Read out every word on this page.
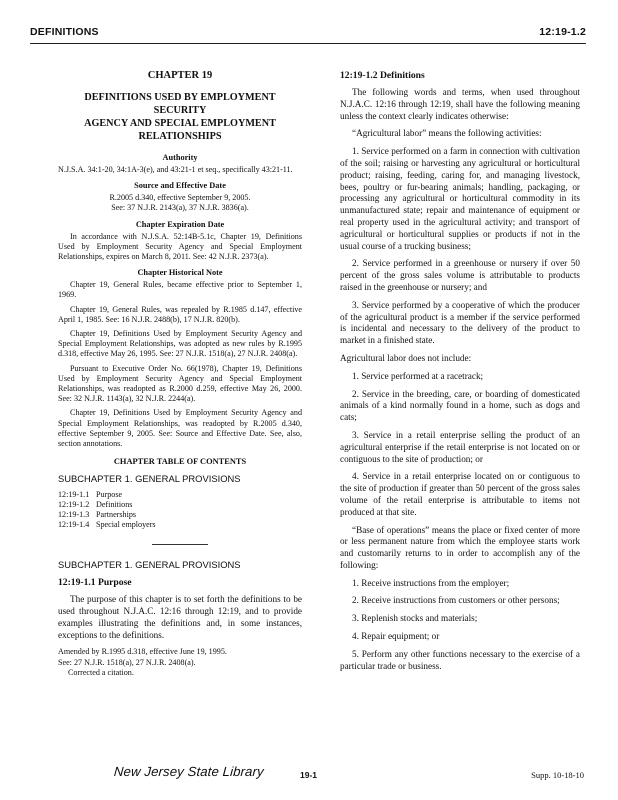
DEFINITIONS	12:19-1.2
CHAPTER 19
DEFINITIONS USED BY EMPLOYMENT SECURITY
AGENCY AND SPECIAL EMPLOYMENT
RELATIONSHIPS
Authority

N.J.S.A. 34:1-20, 34:1A-3(e), and 43:21-1 et seq., specifically 43:21-11.

Source and Effective Date

R.2005 d.340, effective September 9, 2005.

See: 37 N.J.R. 2143(a), 37 N.J.R. 3836(a).

Chapter Expiration Date

In accordance with N.J.S.A. 52:14B-5.1c, Chapter 19, Definitions Used by Employment Security Agency and Special Employment Relationships, expires on March 8, 2011. See: 42 N.J.R. 2373(a).

Chapter Historical Note

Chapter 19, General Rules, became effective prior to September 1, 1969.

Chapter 19, General Rules, was repealed by R.1985 d.147, effective April 1, 1985. See: 16 N.J.R. 2488(b), 17 N.J.R. 820(b).

Chapter 19, Definitions Used by Employment Security Agency and Special Employment Relationships, was adopted as new rules by R.1995 d.318, effective May 26, 1995. See: 27 N.J.R. 1518(a), 27 N.J.R. 2408(a).

Pursuant to Executive Order No. 66(1978), Chapter 19, Definitions Used by Employment Security Agency and Special Employment Relationships, was readopted as R.2000 d.259, effective May 26, 2000. See: 32 N.J.R. 1143(a), 32 N.J.R. 2244(a).

Chapter 19, Definitions Used by Employment Security Agency and Special Employment Relationships, was readopted by R.2005 d.340, effective September 9, 2005. See: Source and Effective Date. See, also, section annotations.

CHAPTER TABLE OF CONTENTS
SUBCHAPTER 1. GENERAL PROVISIONS
12:19-1.1 Purpose
12:19-1.2 Definitions
12:19-1.3 Partnerships
12:19-1.4 Special employers
SUBCHAPTER 1. GENERAL PROVISIONS
12:19-1.1 Purpose

The purpose of this chapter is to set forth the definitions to be used throughout N.J.A.C. 12:16 through 12:19, and to provide examples illustrating the definitions and, in some instances, exceptions to the definitions.

Amended by R.1995 d.318, effective June 19, 1995.

See: 27 N.J.R. 1518(a), 27 N.J.R. 2408(a).

Corrected a citation.

12:19-1.2 Definitions

The following words and terms, when used throughout N.J.A.C. 12:16 through 12:19, shall have the following meaning unless the context clearly indicates otherwise:

“Agricultural labor” means the following activities:

1. Service performed on a farm in connection with cultivation of the soil; raising or harvesting any agricultural or horticultural product; raising, feeding, caring for, and managing livestock, bees, poultry or fur-bearing animals; handling, packaging, or processing any agricultural or horticultural commodity in its unmanufactured state; repair and maintenance of equipment or real property used in the agricultural activity; and transport of agricultural or horticultural supplies or products if not in the usual course of a trucking business;

2. Service performed in a greenhouse or nursery if over 50 percent of the gross sales volume is attributable to products raised in the greenhouse or nursery; and

3. Service performed by a cooperative of which the producer of the agricultural product is a member if the service performed is incidental and necessary to the delivery of the product to market in a finished state.

Agricultural labor does not include:

1. Service performed at a racetrack;

2. Service in the breeding, care, or boarding of domesticated animals of a kind normally found in a home, such as dogs and cats;

3. Service in a retail enterprise selling the product of an agricultural enterprise if the retail enterprise is not located on or contiguous to the site of production; or

4. Service in a retail enterprise located on or contiguous to the site of production if greater than 50 percent of the gross sales volume of the retail enterprise is attributable to items not produced at that site.

“Base of operations” means the place or fixed center of more or less permanent nature from which the employee starts work and customarily returns to in order to accomplish any of the following:

1. Receive instructions from the employer;

2. Receive instructions from customers or other persons;

3. Replenish stocks and materials;

4. Repair equipment; or

5. Perform any other functions necessary to the exercise of a particular trade or business.

New Jersey State Library	19-1	Supp. 10-18-10
